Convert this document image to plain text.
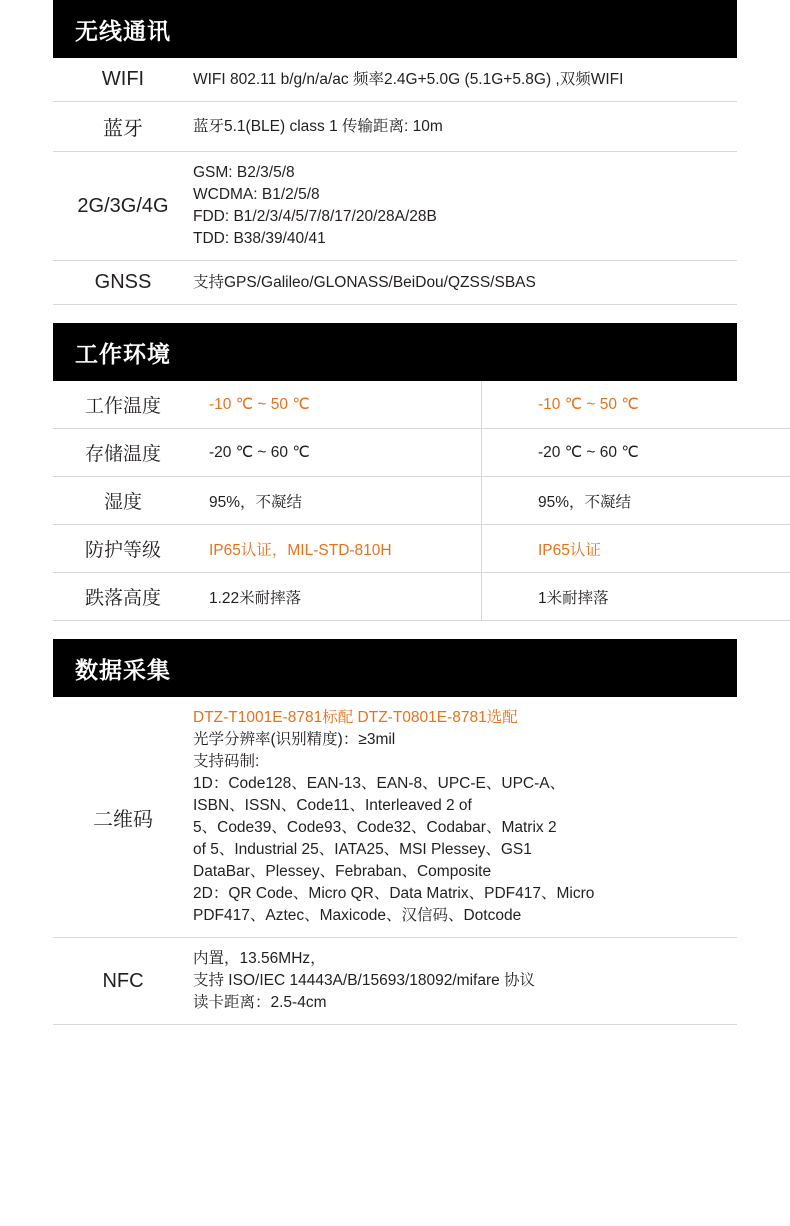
无线通讯
WIFI	WIFI 802.11 b/g/n/a/ac 频率2.4G+5.0G (5.1G+5.8G) ,双频WIFI

蓝牙	蓝牙5.1(BLE) class 1 传输距离: 10m

2G/3G/4G	GSM: B2/3/5/8
WCDMA: B1/2/5/8
FDD: B1/2/3/4/5/7/8/17/20/28A/28B
TDD: B38/39/40/41

GNSS	支持GPS/Galileo/GLONASS/BeiDou/QZSS/SBAS
工作环境
工作温度	-10 ℃ ~ 50 ℃	-10 ℃ ~ 50 ℃
存储温度	-20 ℃ ~ 60 ℃	-20 ℃ ~ 60 ℃
湿度	95%，不凝结	95%，不凝结
防护等级	IP65认证，MIL-STD-810H	IP65认证
跌落高度	1.22米耐摔落	1米耐摔落
数据采集
二维码	
DTZ-T1001E-8781标配 DTZ-T0801E-8781选配
光学分辨率(识别精度)：≥3mil
支持码制:
1D：Code128、EAN-13、EAN-8、UPC-E、UPC-A、
ISBN、ISSN、Code11、Interleaved 2 of
5、Code39、Code93、Code32、Codabar、Matrix 2
of 5、Industrial 25、IATA25、MSI Plessey、GS1
DataBar、Plessey、Febraban、Composite
2D：QR Code、Micro QR、Data Matrix、PDF417、Micro
PDF417、Aztec、Maxicode、汉信码、Dotcode

NFC	内置，13.56MHz，
支持 ISO/IEC 14443A/B/15693/18092/mifare 协议
读卡距离：2.5-4cm
